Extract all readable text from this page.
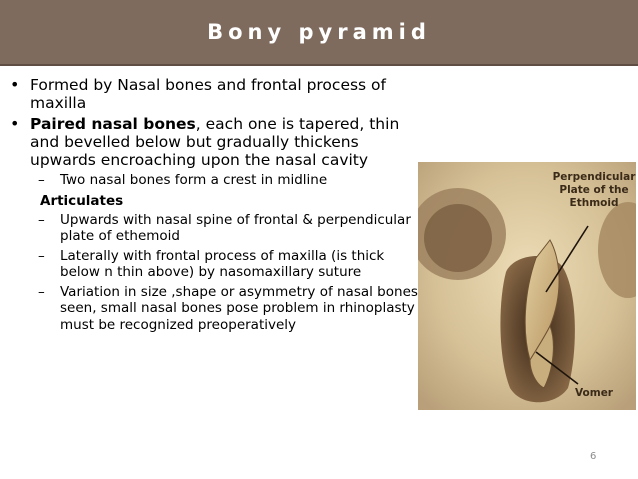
Bony pyramid
• Formed by Nasal bones and frontal process of maxilla
• Paired nasal bones, each one is tapered, thin and bevelled below but gradually thickens upwards encroaching upon the nasal cavity
– Two nasal bones form a crest in midline
Articulates
– Upwards with nasal spine of frontal & perpendicular plate of ethemoid
– Laterally with frontal process of maxilla (is thick below n thin above) by nasomaxillary suture
– Variation in size ,shape or asymmetry of nasal bones seen, small nasal bones pose problem in rhinoplasty must be recognized preoperatively
Perpendicular
Plate of the
Ethmoid
Vomer
6
